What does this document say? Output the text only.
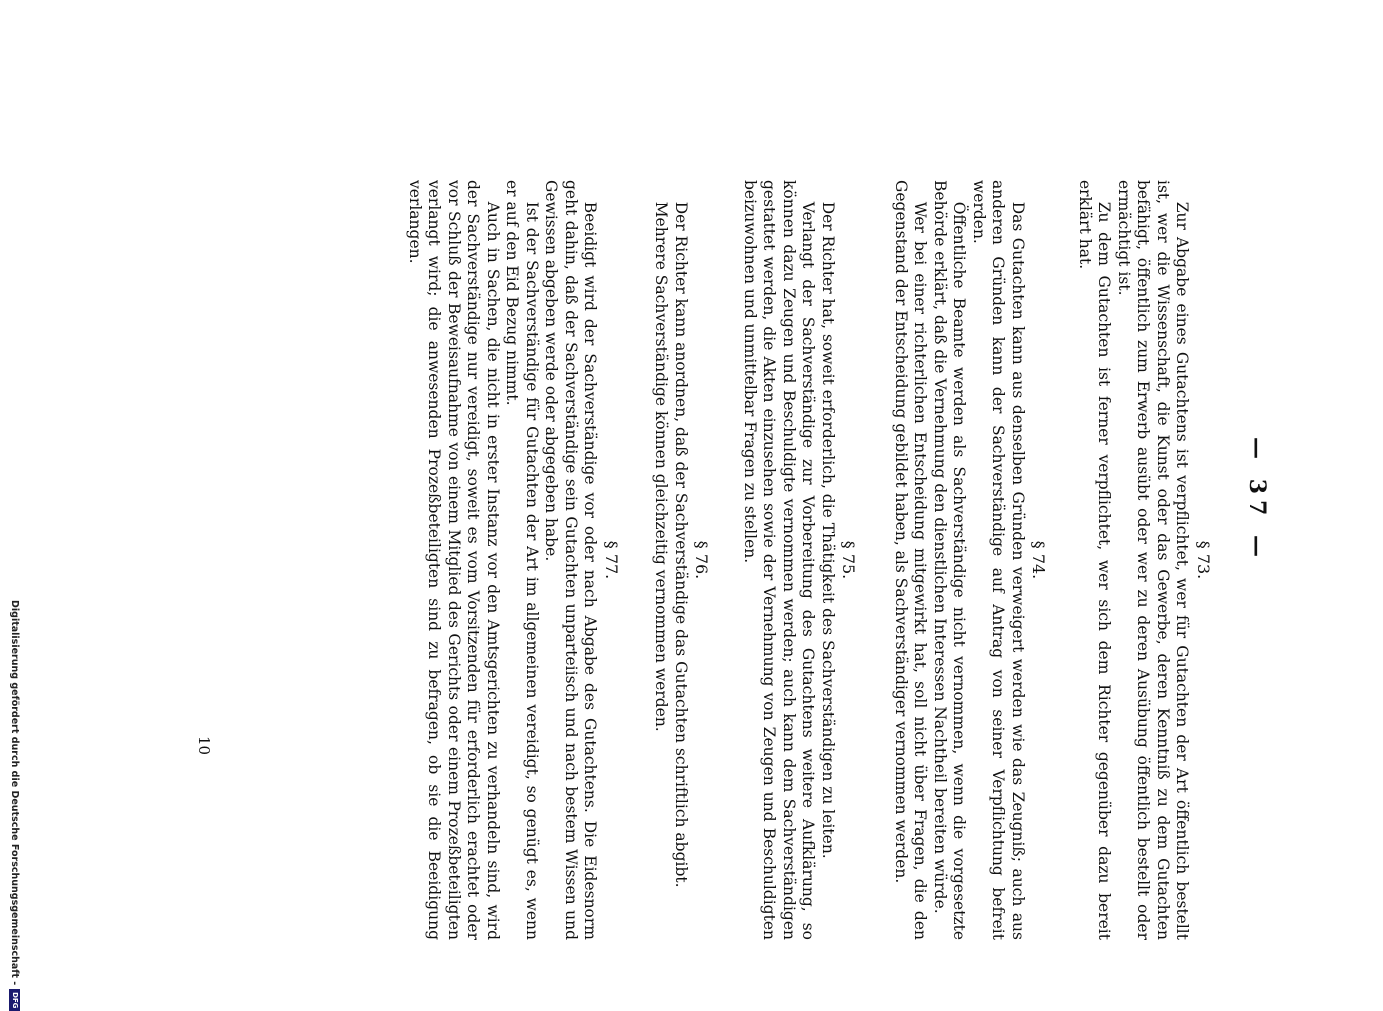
— 37 —
§ 73.

Zur Abgabe eines Gutachtens ist verpflichtet, wer für Gutachten der Art öffentlich bestellt ist, wer die Wissenschaft, die Kunst oder das Gewerbe, deren Kenntniß zu dem Gutachten befähigt, öffentlich zum Erwerb ausübt oder wer zu deren Ausübung öffentlich bestellt oder ermächtigt ist.

Zu dem Gutachten ist ferner verpflichtet, wer sich dem Richter gegenüber dazu bereit erklärt hat.

§ 74.

Das Gutachten kann aus denselben Gründen verweigert werden wie das Zeugniß; auch aus anderen Gründen kann der Sachverständige auf Antrag von seiner Verpflichtung befreit werden.

Öffentliche Beamte werden als Sachverständige nicht vernommen, wenn die vorgesetzte Behörde erklärt, daß die Vernehmung den dienstlichen Interessen Nachtheil bereiten würde.

Wer bei einer richterlichen Entscheidung mitgewirkt hat, soll nicht über Fragen, die den Gegenstand der Entscheidung gebildet haben, als Sachverständiger vernommen werden.

§ 75.

Der Richter hat, soweit erforderlich, die Thätigkeit des Sachverständigen zu leiten.

Verlangt der Sachverständige zur Vorbereitung des Gutachtens weitere Aufklärung, so können dazu Zeugen und Beschuldigte vernommen werden; auch kann dem Sachverständigen gestattet werden, die Akten einzusehen sowie der Vernehmung von Zeugen und Beschuldigten beizuwohnen und unmittelbar Fragen zu stellen.

§ 76.

Der Richter kann anordnen, daß der Sachverständige das Gutachten schriftlich abgibt.

Mehrere Sachverständige können gleichzeitig vernommen werden.

§ 77.

Beeidigt wird der Sachverständige vor oder nach Abgabe des Gutachtens. Die Eidesnorm geht dahin, daß der Sachverständige sein Gutachten unparteiisch und nach bestem Wissen und Gewissen abgeben werde oder abgegeben habe.

Ist der Sachverständige für Gutachten der Art im allgemeinen vereidigt, so genügt es, wenn er auf den Eid Bezug nimmt.

Auch in Sachen, die nicht in erster Instanz vor den Amtsgerichten zu verhandeln sind, wird der Sachverständige nur vereidigt, soweit es vom Vorsitzenden für erforderlich erachtet oder vor Schluß der Beweisaufnahme von einem Mitglied des Gerichts oder einem Prozeßbeteiligten verlangt wird; die anwesenden Prozeßbeteiligten sind zu befragen, ob sie die Beeidigung verlangen.

10
Digitalisierung gefördert durch die Deutsche Forschungsgemeinschaft -DFG
